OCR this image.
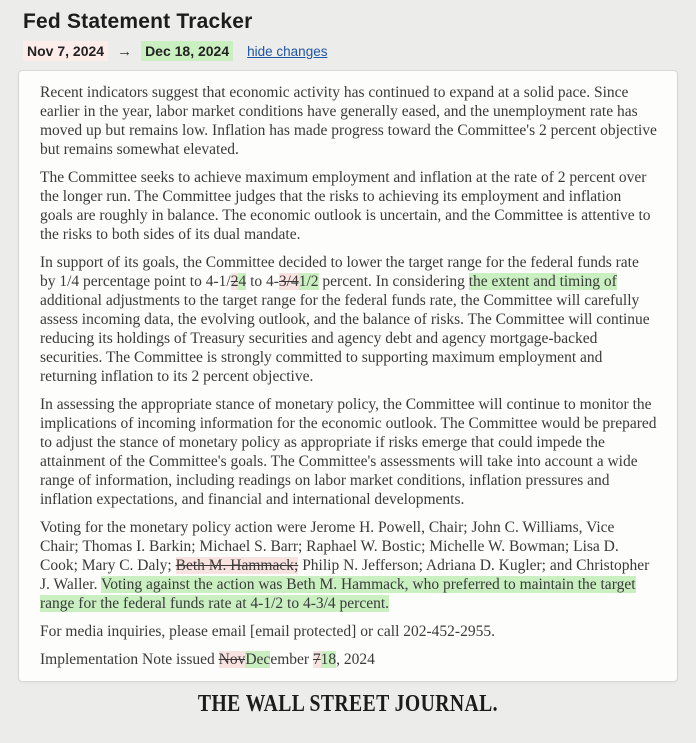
Fed Statement Tracker
Nov 7, 2024 → Dec 18, 2024 hide changes

Recent indicators suggest that economic activity has continued to expand at a solid pace. Since earlier in the year, labor market conditions have generally eased, and the unemployment rate has moved up but remains low. Inflation has made progress toward the Committee's 2 percent objective but remains somewhat elevated.

The Committee seeks to achieve maximum employment and inflation at the rate of 2 percent over the longer run. The Committee judges that the risks to achieving its employment and inflation goals are roughly in balance. The economic outlook is uncertain, and the Committee is attentive to the risks to both sides of its dual mandate.

In support of its goals, the Committee decided to lower the target range for the federal funds rate by 1/4 percentage point to 4-1/24 to 4-3/41/2 percent. In considering the extent and timing of additional adjustments to the target range for the federal funds rate, the Committee will carefully assess incoming data, the evolving outlook, and the balance of risks. The Committee will continue reducing its holdings of Treasury securities and agency debt and agency mortgage-backed securities. The Committee is strongly committed to supporting maximum employment and returning inflation to its 2 percent objective.

In assessing the appropriate stance of monetary policy, the Committee will continue to monitor the implications of incoming information for the economic outlook. The Committee would be prepared to adjust the stance of monetary policy as appropriate if risks emerge that could impede the attainment of the Committee's goals. The Committee's assessments will take into account a wide range of information, including readings on labor market conditions, inflation pressures and inflation expectations, and financial and international developments.

Voting for the monetary policy action were Jerome H. Powell, Chair; John C. Williams, Vice Chair; Thomas I. Barkin; Michael S. Barr; Raphael W. Bostic; Michelle W. Bowman; Lisa D. Cook; Mary C. Daly; Beth M. Hammack; Philip N. Jefferson; Adriana D. Kugler; and Christopher J. Waller. Voting against the action was Beth M. Hammack, who preferred to maintain the target range for the federal funds rate at 4-1/2 to 4-3/4 percent.

For media inquiries, please email [email protected] or call 202-452-2955.

Implementation Note issued NovDecember 718, 2024

THE WALL STREET JOURNAL.
